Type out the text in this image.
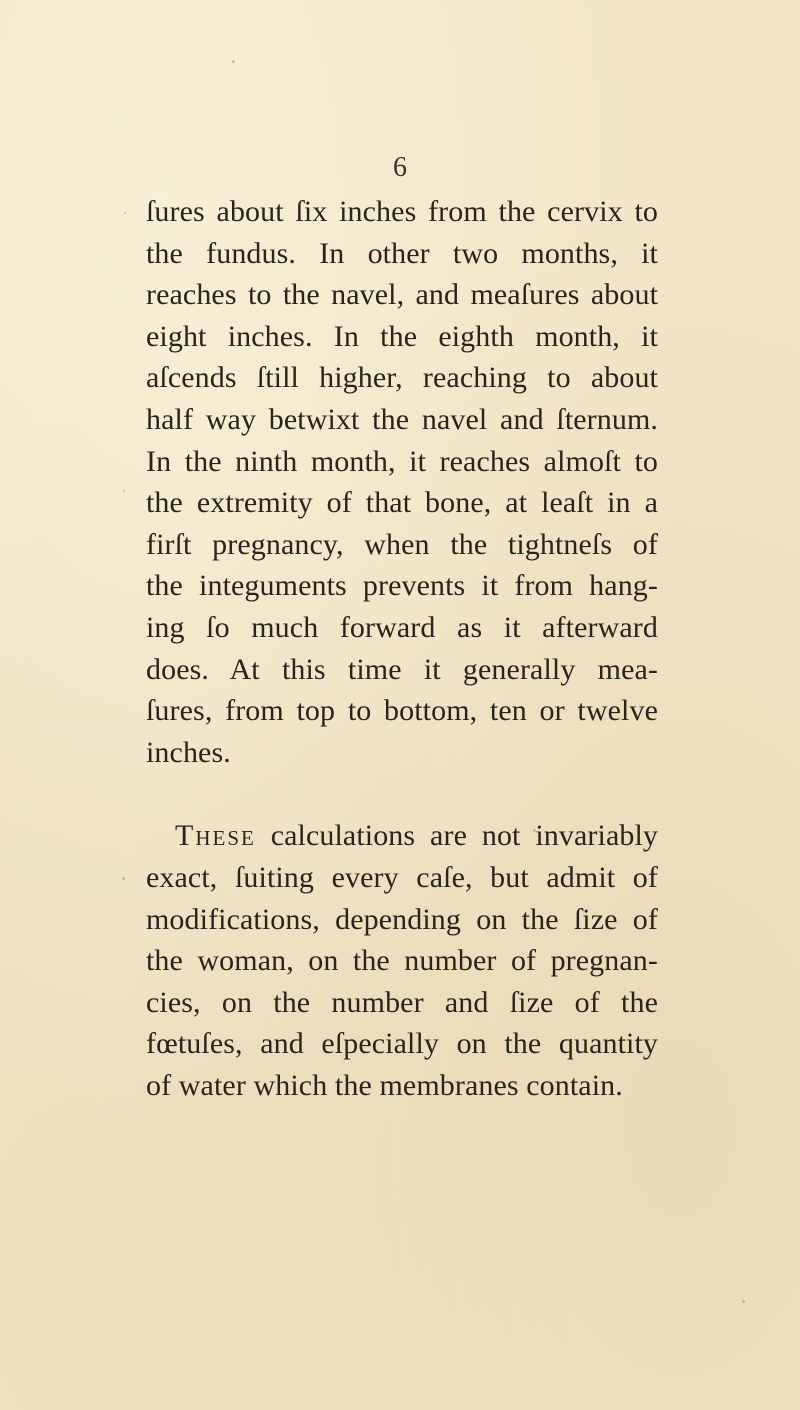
6
ſures about ſix inches from the cervix to
the fundus. In other two months, it
reaches to the navel, and meaſures about
eight inches. In the eighth month, it
aſcends ſtill higher, reaching to about
half way betwixt the navel and ſternum.
In the ninth month, it reaches almoſt to
the extremity of that bone, at leaſt in a
firſt pregnancy, when the tightneſs of
the integuments prevents it from hang-
ing ſo much forward as it afterward
does. At this time it generally mea-
ſures, from top to bottom, ten or twelve
inches.
These calculations are not invariably
exact, ſuiting every caſe, but admit of
modifications, depending on the ſize of
the woman, on the number of pregnan-
cies, on the number and ſize of the
fœtuſes, and eſpecially on the quantity
of water which the membranes contain.
